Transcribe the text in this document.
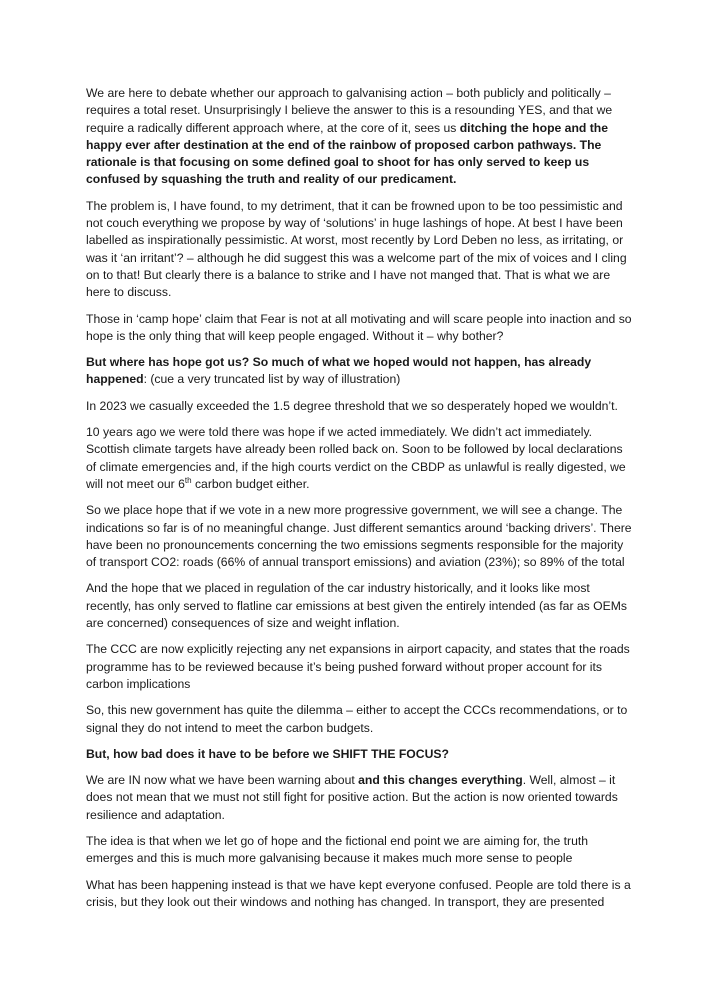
We are here to debate whether our approach to galvanising action – both publicly and politically – requires a total reset. Unsurprisingly I believe the answer to this is a resounding YES, and that we require a radically different approach where, at the core of it, sees us ditching the hope and the happy ever after destination at the end of the rainbow of proposed carbon pathways. The rationale is that focusing on some defined goal to shoot for has only served to keep us confused by squashing the truth and reality of our predicament.

The problem is, I have found, to my detriment, that it can be frowned upon to be too pessimistic and not couch everything we propose by way of ‘solutions’ in huge lashings of hope. At best I have been labelled as inspirationally pessimistic. At worst, most recently by Lord Deben no less, as irritating, or was it ‘an irritant’? – although he did suggest this was a welcome part of the mix of voices and I cling on to that! But clearly there is a balance to strike and I have not manged that. That is what we are here to discuss.

Those in ‘camp hope’ claim that Fear is not at all motivating and will scare people into inaction and so hope is the only thing that will keep people engaged. Without it – why bother?

But where has hope got us? So much of what we hoped would not happen, has already happened: (cue a very truncated list by way of illustration)

In 2023 we casually exceeded the 1.5 degree threshold that we so desperately hoped we wouldn’t.

10 years ago we were told there was hope if we acted immediately. We didn’t act immediately. Scottish climate targets have already been rolled back on. Soon to be followed by local declarations of climate emergencies and, if the high courts verdict on the CBDP as unlawful is really digested, we will not meet our 6th carbon budget either.

So we place hope that if we vote in a new more progressive government, we will see a change. The indications so far is of no meaningful change. Just different semantics around ‘backing drivers’. There have been no pronouncements concerning the two emissions segments responsible for the majority of transport CO2: roads (66% of annual transport emissions) and aviation (23%); so 89% of the total

And the hope that we placed in regulation of the car industry historically, and it looks like most recently, has only served to flatline car emissions at best given the entirely intended (as far as OEMs are concerned) consequences of size and weight inflation.

The CCC are now explicitly rejecting any net expansions in airport capacity, and states that the roads programme has to be reviewed because it’s being pushed forward without proper account for its carbon implications

So, this new government has quite the dilemma – either to accept the CCCs recommendations, or to signal they do not intend to meet the carbon budgets.

But, how bad does it have to be before we SHIFT THE FOCUS?

We are IN now what we have been warning about and this changes everything. Well, almost – it does not mean that we must not still fight for positive action. But the action is now oriented towards resilience and adaptation.

The idea is that when we let go of hope and the fictional end point we are aiming for, the truth emerges and this is much more galvanising because it makes much more sense to people

What has been happening instead is that we have kept everyone confused. People are told there is a crisis, but they look out their windows and nothing has changed. In transport, they are presented
